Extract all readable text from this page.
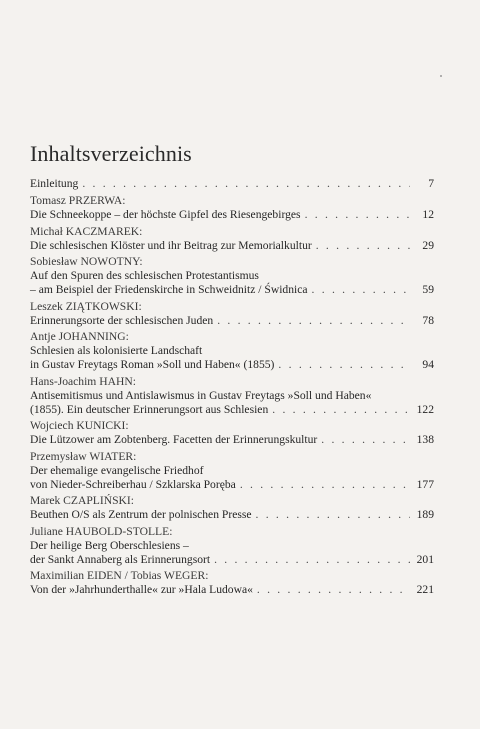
Inhaltsverzeichnis
Einleitung . . .	7
Tomasz PRZERWA:
Die Schneekoppe – der höchste Gipfel des Riesengebirges . . .	12
Michał KACZMAREK:
Die schlesischen Klöster und ihr Beitrag zur Memorialkultur . . .	29
Sobiesław NOWOTNY:
Auf den Spuren des schlesischen Protestantismus
– am Beispiel der Friedenskirche in Schweidnitz / Świdnica . . .	59
Leszek ZIĄTKOWSKI:
Erinnerungsorte der schlesischen Juden . . .	78
Antje JOHANNING:
Schlesien als kolonisierte Landschaft
in Gustav Freytags Roman »Soll und Haben« (1855) . . .	94
Hans-Joachim HAHN:
Antisemitismus und Antislawismus in Gustav Freytags »Soll und Haben«
(1855). Ein deutscher Erinnerungsort aus Schlesien . . .	122
Wojciech KUNICKI:
Die Lützower am Zobtenberg. Facetten der Erinnerungskultur . . .	138
Przemysław WIATER:
Der ehemalige evangelische Friedhof
von Nieder-Schreiberhau / Szklarska Poręba . . .	177
Marek CZAPLIŃSKI:
Beuthen O/S als Zentrum der polnischen Presse . . .	189
Juliane HAUBOLD-STOLLE:
Der heilige Berg Oberschlesiens –
der Sankt Annaberg als Erinnerungsort . . .	201
Maximilian EIDEN / Tobias WEGER:
Von der »Jahrhunderthalle« zur »Hala Ludowa« . . .	221
